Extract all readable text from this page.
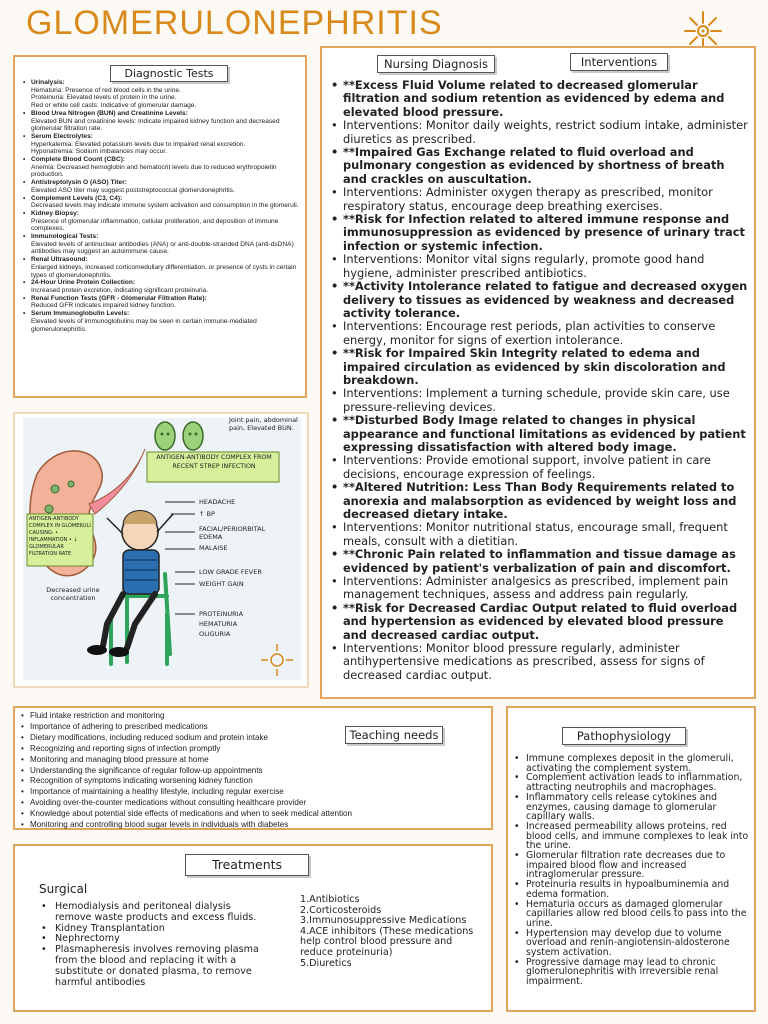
GLOMERULONEPHRITIS
Diagnostic Tests
• Urinalysis:
Hematuria: Presence of red blood cells in the urine.
Proteinuria: Elevated levels of protein in the urine.
Red or white cell casts: Indicative of glomerular damage.
• Blood Urea Nitrogen (BUN) and Creatinine Levels:
Elevated BUN and creatinine levels: Indicate impaired kidney function and decreased glomerular filtration rate.
• Serum Electrolytes:
Hyperkalemia: Elevated potassium levels due to impaired renal excretion.
Hyponatremia: Sodium imbalances may occur.
• Complete Blood Count (CBC):
Anemia: Decreased hemoglobin and hematocrit levels due to reduced erythropoietin production.
• Antistreptolysin O (ASO) Titer:
Elevated ASO titer may suggest poststreptococcal glomerulonephritis.
• Complement Levels (C3, C4):
Decreased levels may indicate immune system activation and consumption in the glomeruli.
• Kidney Biopsy:
Presence of glomerular inflammation, cellular proliferation, and deposition of immune complexes.
• Immunological Tests:
Elevated levels of antinuclear antibodies (ANA) or anti-double-stranded DNA (anti-dsDNA) antibodies may suggest an autoimmune cause.
• Renal Ultrasound:
Enlarged kidneys, increased corticomedullary differentiation, or presence of cysts in certain types of glomerulonephritis.
• 24-Hour Urine Protein Collection:
Increased protein excretion, indicating significant proteinuria.
• Renal Function Tests (GFR - Glomerular Filtration Rate):
Reduced GFR indicates impaired kidney function.
• Serum Immunoglobulin Levels:
Elevated levels of immunoglobulins may be seen in certain immune-mediated glomerulonephritis.
Nursing Diagnosis	Interventions
• **Excess Fluid Volume related to decreased glomerular filtration and sodium retention as evidenced by edema and elevated blood pressure.
• Interventions: Monitor daily weights, restrict sodium intake, administer diuretics as prescribed.
• **Impaired Gas Exchange related to fluid overload and pulmonary congestion as evidenced by shortness of breath and crackles on auscultation.
• Interventions: Administer oxygen therapy as prescribed, monitor respiratory status, encourage deep breathing exercises.
• **Risk for Infection related to altered immune response and immunosuppression as evidenced by presence of urinary tract infection or systemic infection.
• Interventions: Monitor vital signs regularly, promote good hand hygiene, administer prescribed antibiotics.
• **Activity Intolerance related to fatigue and decreased oxygen delivery to tissues as evidenced by weakness and decreased activity tolerance.
• Interventions: Encourage rest periods, plan activities to conserve energy, monitor for signs of exertion intolerance.
• **Risk for Impaired Skin Integrity related to edema and impaired circulation as evidenced by skin discoloration and breakdown.
• Interventions: Implement a turning schedule, provide skin care, use pressure-relieving devices.
• **Disturbed Body Image related to changes in physical appearance and functional limitations as evidenced by patient expressing dissatisfaction with altered body image.
• Interventions: Provide emotional support, involve patient in care decisions, encourage expression of feelings.
• **Altered Nutrition: Less Than Body Requirements related to anorexia and malabsorption as evidenced by weight loss and decreased dietary intake.
• Interventions: Monitor nutritional status, encourage small, frequent meals, consult with a dietitian.
• **Chronic Pain related to inflammation and tissue damage as evidenced by patient's verbalization of pain and discomfort.
• Interventions: Administer analgesics as prescribed, implement pain management techniques, assess and address pain regularly.
• **Risk for Decreased Cardiac Output related to fluid overload and hypertension as evidenced by elevated blood pressure and decreased cardiac output.
• Interventions: Monitor blood pressure regularly, administer antihypertensive medications as prescribed, assess for signs of decreased cardiac output.
Joint pain, abdominal pain, Elevated BUN.
ANTIGEN-ANTIBODY COMPLEX FROM RECENT STREP INFECTION
ANTIGEN-ANTIBODY COMPLEX IN GLOMERULI CAUSING: • INFLAMMATION • ↓ GLOMERULAR FILTRATION RATE
HEADACHE
↑ BP
FACIAL/PERIORBITAL EDEMA
MALAISE
LOW GRADE FEVER
WEIGHT GAIN
PROTEINURIA
HEMATURIA
OLIGURIA
Decreased urine concentration
Teaching needs
• Fluid intake restriction and monitoring
• Importance of adhering to prescribed medications
• Dietary modifications, including reduced sodium and protein intake
• Recognizing and reporting signs of infection promptly
• Monitoring and managing blood pressure at home
• Understanding the significance of regular follow-up appointments
• Recognition of symptoms indicating worsening kidney function
• Importance of maintaining a healthy lifestyle, including regular exercise
• Avoiding over-the-counter medications without consulting healthcare provider
• Knowledge about potential side effects of medications and when to seek medical attention
• Monitoring and controlling blood sugar levels in individuals with diabetes
Treatments
Surgical
• Hemodialysis and peritoneal dialysis remove waste products and excess fluids.
• Kidney Transplantation
• Nephrectomy
• Plasmapheresis involves removing plasma from the blood and replacing it with a substitute or donated plasma, to remove harmful antibodies
1.Antibiotics
2.Corticosteroids
3.Immunosuppressive Medications
4.ACE inhibitors (These medications help control blood pressure and reduce proteinuria)
5.Diuretics
Pathophysiology
• Immune complexes deposit in the glomeruli, activating the complement system.
• Complement activation leads to inflammation, attracting neutrophils and macrophages.
• Inflammatory cells release cytokines and enzymes, causing damage to glomerular capillary walls.
• Increased permeability allows proteins, red blood cells, and immune complexes to leak into the urine.
• Glomerular filtration rate decreases due to impaired blood flow and increased intraglomerular pressure.
• Proteinuria results in hypoalbuminemia and edema formation.
• Hematuria occurs as damaged glomerular capillaries allow red blood cells to pass into the urine.
• Hypertension may develop due to volume overload and renin-angiotensin-aldosterone system activation.
• Progressive damage may lead to chronic glomerulonephritis with irreversible renal impairment.
